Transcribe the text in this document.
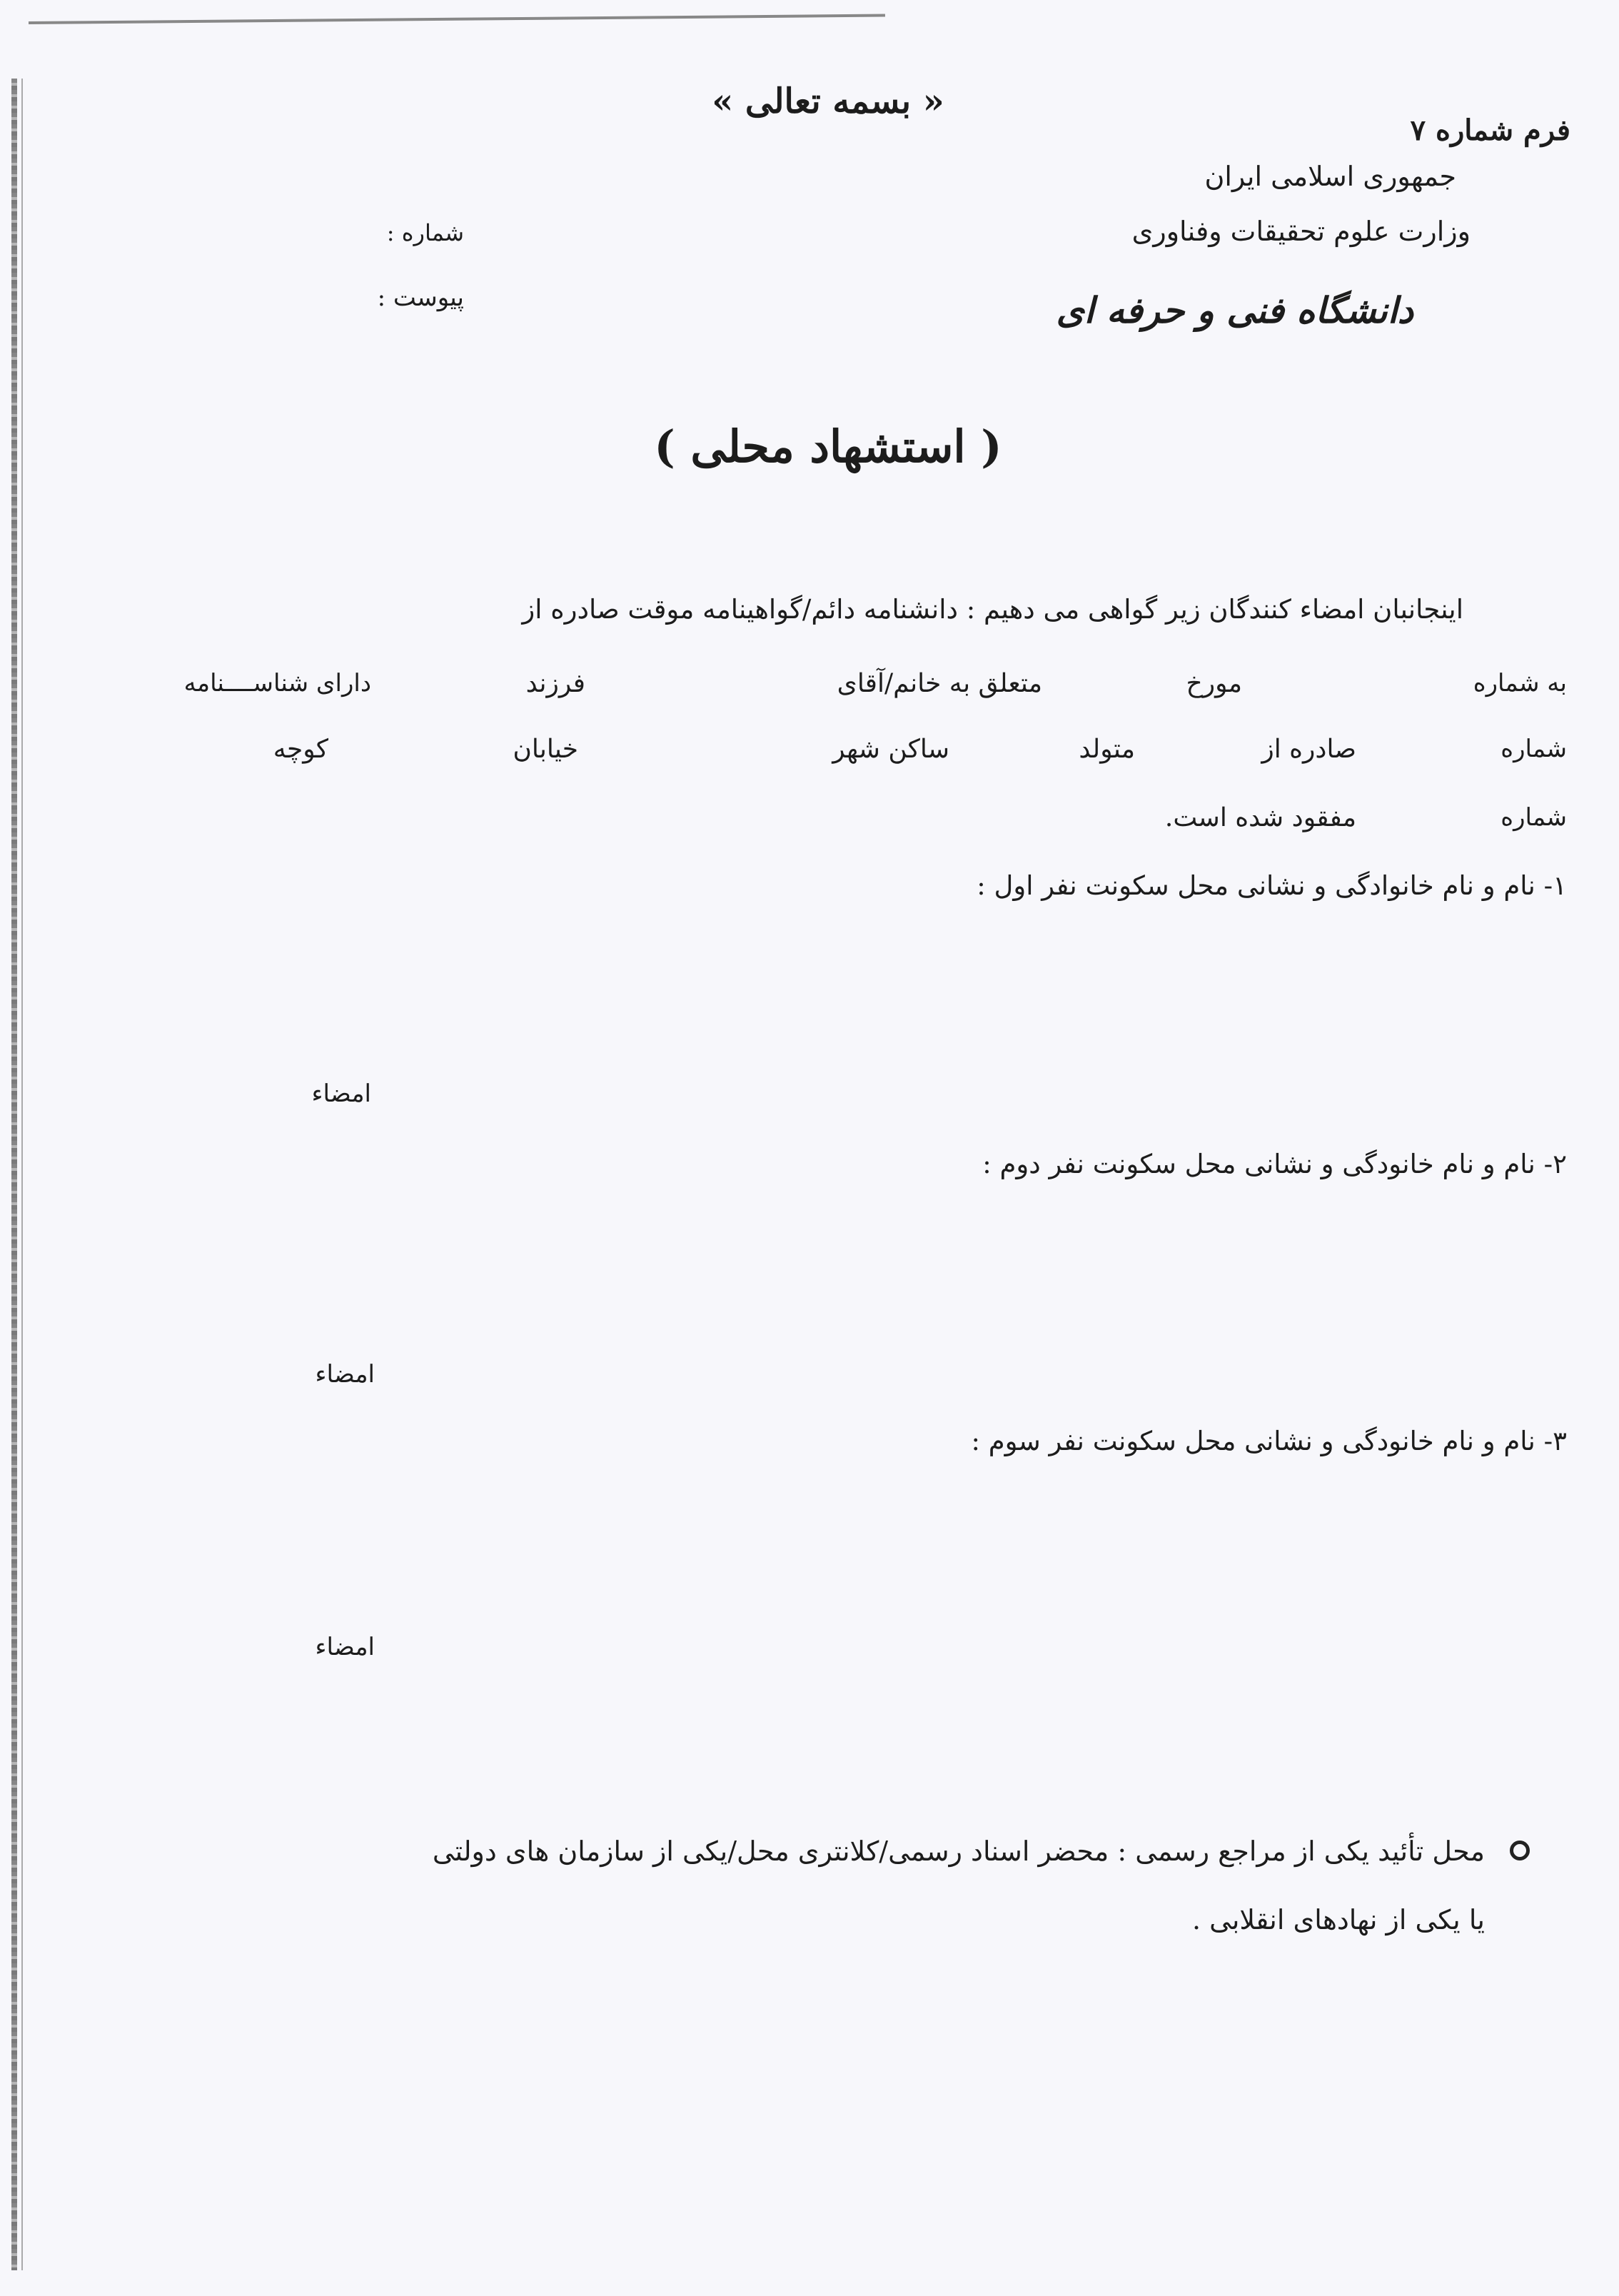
« بسمه تعالی »
فرم شماره ۷
جمهوری اسلامی ایران
وزارت علوم تحقیقات وفناوری
دانشگاه فنی و حرفه ای
شماره :
پیوست :
( استشهاد محلی )
اینجانبان امضاء کنندگان زیر گواهی می دهیم : دانشنامه دائم/گواهینامه موقت صادره از
به شماره
مورخ
متعلق به خانم/آقای
فرزند
دارای شناســــنامه
شماره
صادره از
متولد
ساکن شهر
خیابان
کوچه
شماره
مفقود شده است.
۱- نام و نام خانوادگی و نشانی محل سکونت نفر اول :
امضاء
۲- نام و نام خانودگی و نشانی محل سکونت نفر دوم :
امضاء
۳- نام و نام خانودگی و نشانی محل سکونت نفر سوم :
امضاء
محل تأئید یکی از مراجع رسمی : محضر اسناد رسمی/کلانتری محل/یکی از سازمان های دولتی
یا یکی از نهادهای انقلابی .
